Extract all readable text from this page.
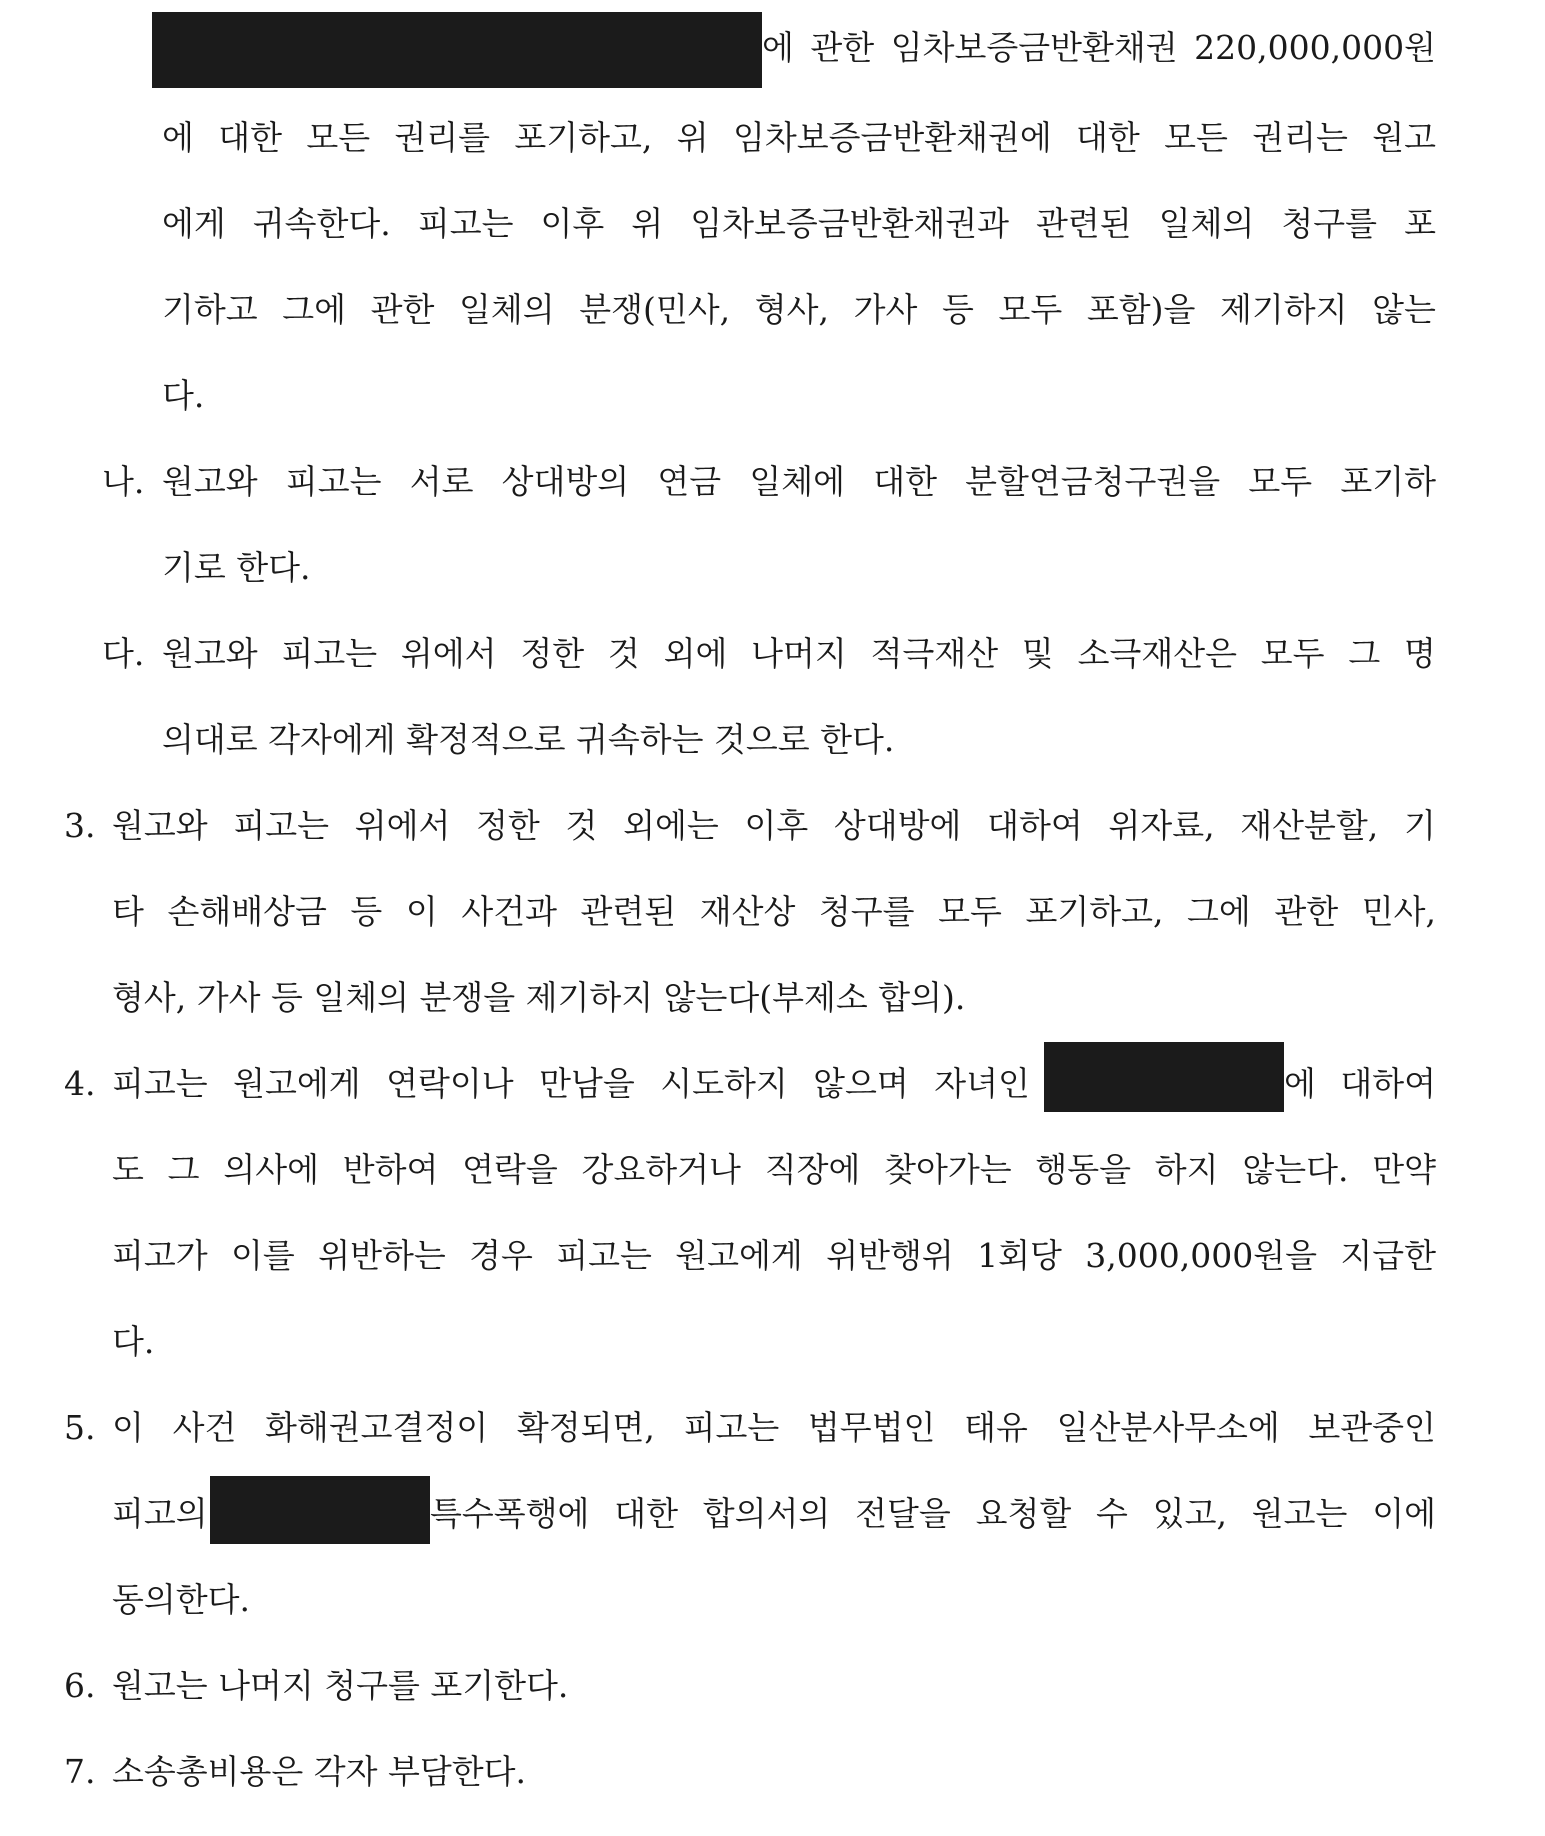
에 관한 임차보증금반환채권 220,000,000원
에 대한 모든 권리를 포기하고, 위 임차보증금반환채권에 대한 모든 권리는 원고
에게 귀속한다. 피고는 이후 위 임차보증금반환채권과 관련된 일체의 청구를 포
기하고 그에 관한 일체의 분쟁(민사, 형사, 가사 등 모두 포함)을 제기하지 않는
다.
나. 원고와 피고는 서로 상대방의 연금 일체에 대한 분할연금청구권을 모두 포기하
기로 한다.
다. 원고와 피고는 위에서 정한 것 외에 나머지 적극재산 및 소극재산은 모두 그 명
의대로 각자에게 확정적으로 귀속하는 것으로 한다.
3. 원고와 피고는 위에서 정한 것 외에는 이후 상대방에 대하여 위자료, 재산분할, 기
타 손해배상금 등 이 사건과 관련된 재산상 청구를 모두 포기하고, 그에 관한 민사,
형사, 가사 등 일체의 분쟁을 제기하지 않는다(부제소 합의).
4. 피고는 원고에게 연락이나 만남을 시도하지 않으며 자녀인	에 대하여
도 그 의사에 반하여 연락을 강요하거나 직장에 찾아가는 행동을 하지 않는다. 만약
피고가 이를 위반하는 경우 피고는 원고에게 위반행위 1회당 3,000,000원을 지급한
다.
5. 이 사건 화해권고결정이 확정되면, 피고는 법무법인 태유 일산분사무소에 보관중인
피고의	특수폭행에 대한 합의서의 전달을 요청할 수 있고, 원고는 이에
동의한다.
6. 원고는 나머지 청구를 포기한다.
7. 소송총비용은 각자 부담한다.
